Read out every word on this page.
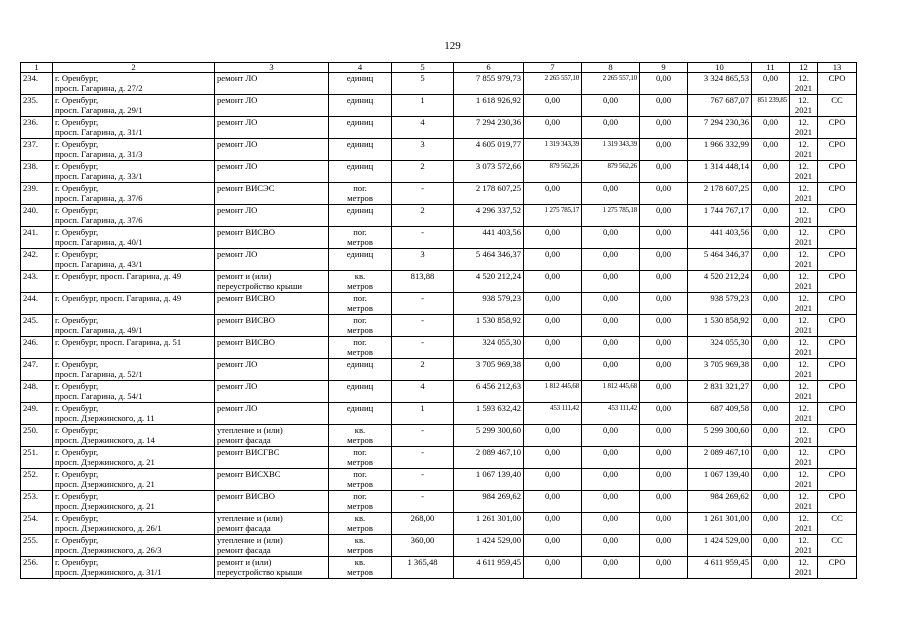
129
1	2	3	4	5	6	7	8	9	10	11	12	13
234.	г. Оренбург,
просп. Гагарина, д. 27/2	ремонт ЛО	единиц	5	7 855 979,73	2 265 557,10	2 265 557,10	0,00	3 324 865,53	0,00	12.
2021	СРО
235.	г. Оренбург,
просп. Гагарина, д. 29/1	ремонт ЛО	единиц	1	1 618 926,92	0,00	0,00	0,00	767 687,07	851 239,85	12.
2021	СС
236.	г. Оренбург,
просп. Гагарина, д. 31/1	ремонт ЛО	единиц	4	7 294 230,36	0,00	0,00	0,00	7 294 230,36	0,00	12.
2021	СРО
237.	г. Оренбург,
просп. Гагарина, д. 31/3	ремонт ЛО	единиц	3	4 605 019,77	1 319 343,39	1 319 343,39	0,00	1 966 332,99	0,00	12.
2021	СРО
238.	г. Оренбург,
просп. Гагарина, д. 33/1	ремонт ЛО	единиц	2	3 073 572,66	879 562,26	879 562,26	0,00	1 314 448,14	0,00	12.
2021	СРО
239.	г. Оренбург,
просп. Гагарина, д. 37/6	ремонт ВИСЭС	пог.
метров	-	2 178 607,25	0,00	0,00	0,00	2 178 607,25	0,00	12.
2021	СРО
240.	г. Оренбург,
просп. Гагарина, д. 37/6	ремонт ЛО	единиц	2	4 296 337,52	1 275 785,17	1 275 785,18	0,00	1 744 767,17	0,00	12.
2021	СРО
241.	г. Оренбург,
просп. Гагарина, д. 40/1	ремонт ВИСВО	пог.
метров	-	441 403,56	0,00	0,00	0,00	441 403,56	0,00	12.
2021	СРО
242.	г. Оренбург,
просп. Гагарина, д. 43/1	ремонт ЛО	единиц	3	5 464 346,37	0,00	0,00	0,00	5 464 346,37	0,00	12.
2021	СРО
243.	г. Оренбург, просп. Гагарина, д. 49	ремонт и (или)
переустройство крыши	кв.
метров	813,88	4 520 212,24	0,00	0,00	0,00	4 520 212,24	0,00	12.
2021	СРО
244.	г. Оренбург, просп. Гагарина, д. 49	ремонт ВИСВО	пог.
метров	-	938 579,23	0,00	0,00	0,00	938 579,23	0,00	12.
2021	СРО
245.	г. Оренбург,
просп. Гагарина, д. 49/1	ремонт ВИСВО	пог.
метров	-	1 530 858,92	0,00	0,00	0,00	1 530 858,92	0,00	12.
2021	СРО
246.	г. Оренбург, просп. Гагарина, д. 51	ремонт ВИСВО	пог.
метров	-	324 055,30	0,00	0,00	0,00	324 055,30	0,00	12.
2021	СРО
247.	г. Оренбург,
просп. Гагарина, д. 52/1	ремонт ЛО	единиц	2	3 705 969,38	0,00	0,00	0,00	3 705 969,38	0,00	12.
2021	СРО
248.	г. Оренбург,
просп. Гагарина, д. 54/1	ремонт ЛО	единиц	4	6 456 212,63	1 812 445,68	1 812 445,68	0,00	2 831 321,27	0,00	12.
2021	СРО
249.	г. Оренбург,
просп. Дзержинского, д. 11	ремонт ЛО	единиц	1	1 593 632,42	453 111,42	453 111,42	0,00	687 409,58	0,00	12.
2021	СРО
250.	г. Оренбург,
просп. Дзержинского, д. 14	утепление и (или)
ремонт фасада	кв.
метров	-	5 299 300,60	0,00	0,00	0,00	5 299 300,60	0,00	12.
2021	СРО
251.	г. Оренбург,
просп. Дзержинского, д. 21	ремонт ВИСГВС	пог.
метров	-	2 089 467,10	0,00	0,00	0,00	2 089 467,10	0,00	12.
2021	СРО
252.	г. Оренбург,
просп. Дзержинского, д. 21	ремонт ВИСХВС	пог.
метров	-	1 067 139,40	0,00	0,00	0,00	1 067 139,40	0,00	12.
2021	СРО
253.	г. Оренбург,
просп. Дзержинского, д. 21	ремонт ВИСВО	пог.
метров	-	984 269,62	0,00	0,00	0,00	984 269,62	0,00	12.
2021	СРО
254.	г. Оренбург,
просп. Дзержинского, д. 26/1	утепление и (или)
ремонт фасада	кв.
метров	268,00	1 261 301,00	0,00	0,00	0,00	1 261 301,00	0,00	12.
2021	СС
255.	г. Оренбург,
просп. Дзержинского, д. 26/3	утепление и (или)
ремонт фасада	кв.
метров	360,00	1 424 529,00	0,00	0,00	0,00	1 424 529,00	0,00	12.
2021	СС
256.	г. Оренбург,
просп. Дзержинского, д. 31/1	ремонт и (или)
переустройство крыши	кв.
метров	1 365,48	4 611 959,45	0,00	0,00	0,00	4 611 959,45	0,00	12.
2021	СРО
